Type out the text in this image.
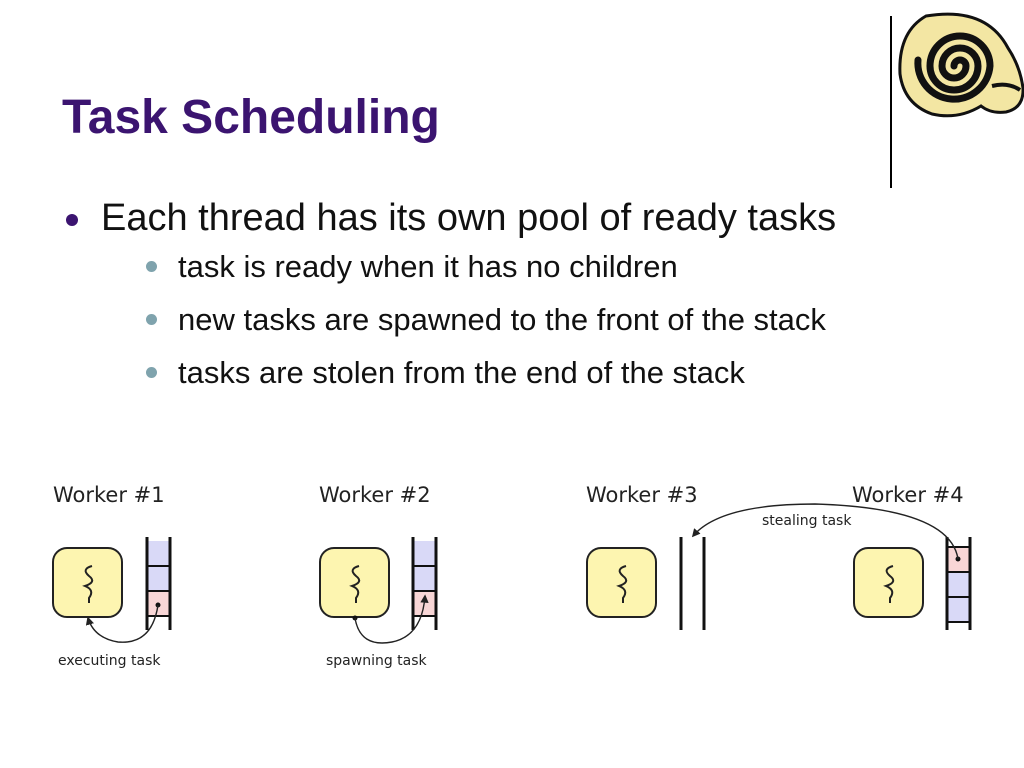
Task Scheduling
Each thread has its own pool of ready tasks
task is ready when it has no children
new tasks are spawned to the front of the stack
tasks are stolen from the end of the stack
Worker #1
executing task
Worker #2
spawning task
Worker #3	Worker #4
stealing task
